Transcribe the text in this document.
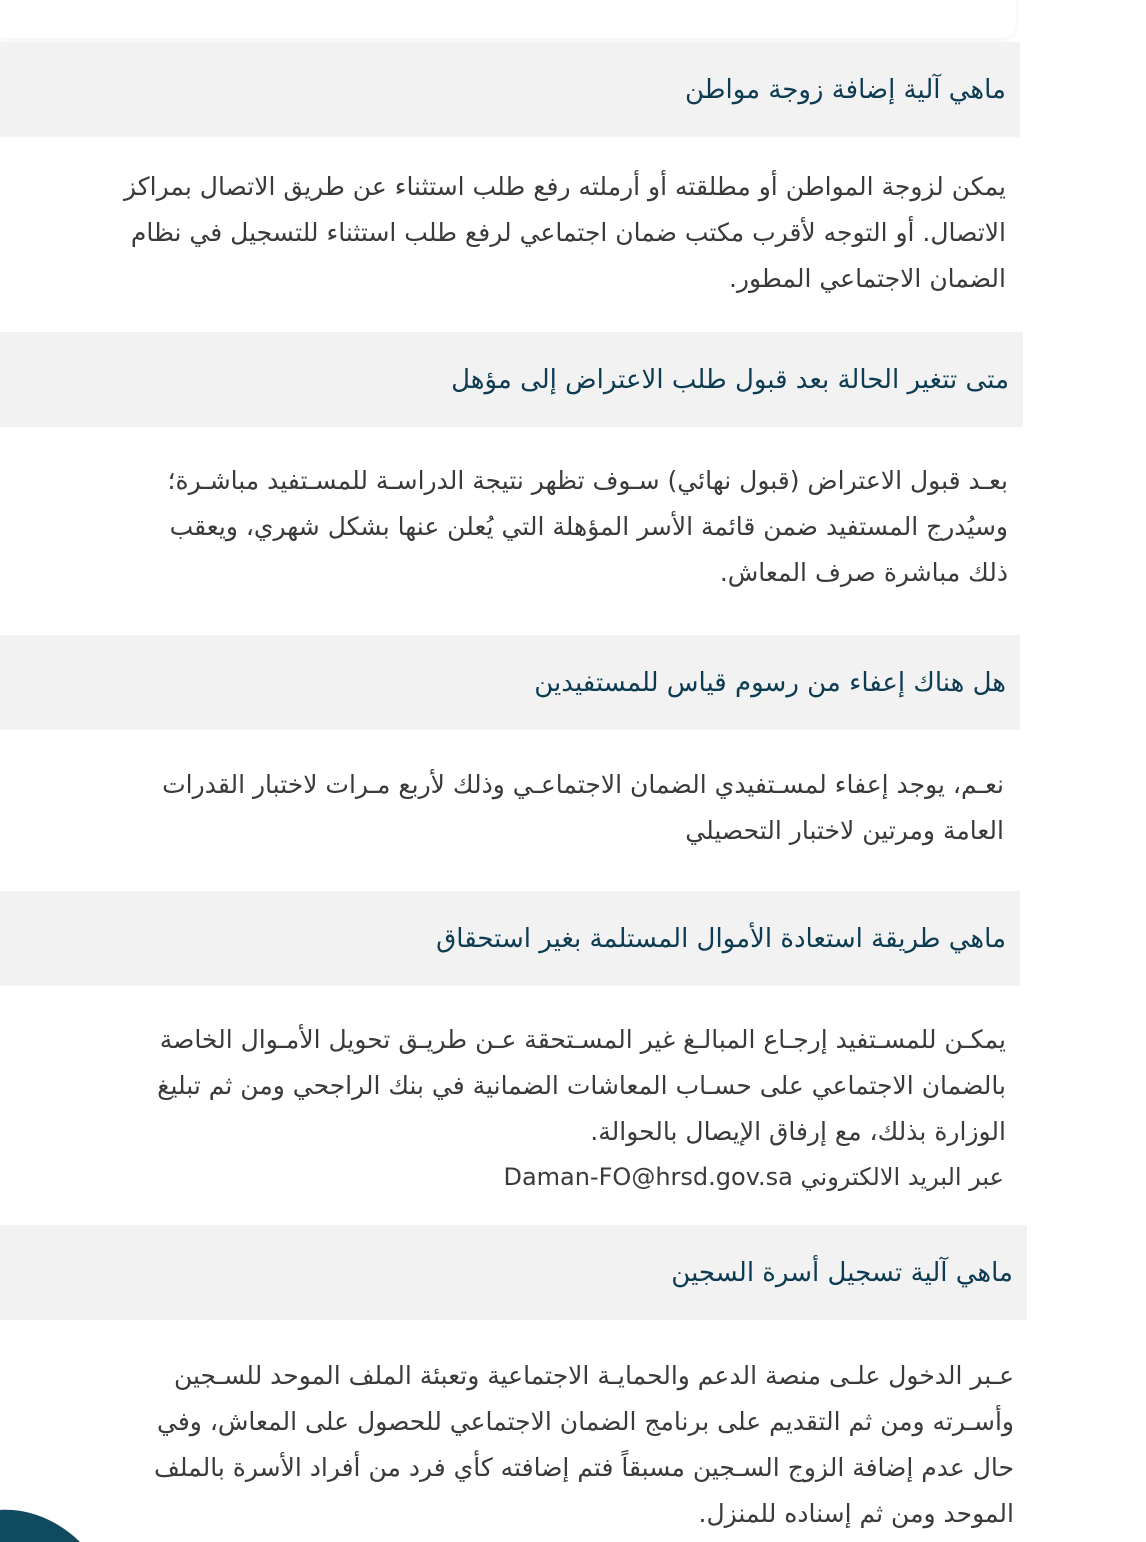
ماهي آلية إضافة زوجة مواطن
يمكن لزوجة المواطن أو مطلقته أو أرملته رفع طلب استثناء عن طريق الاتصال بمراكز
الاتصال. أو التوجه لأقرب مكتب ضمان اجتماعي لرفع طلب استثناء للتسجيل في نظام
الضمان الاجتماعي المطور.
متى تتغير الحالة بعد قبول طلب الاعتراض إلى مؤهل
بعـد قبول الاعتراض (قبول نهائي) سـوف تظهر نتيجة الدراسـة للمسـتفيد مباشـرة؛
وسيُدرج المستفيد ضمن قائمة الأسر المؤهلة التي يُعلن عنها بشكل شهري، ويعقب
ذلك مباشرة صرف المعاش.
هل هناك إعفاء من رسوم قياس للمستفيدين
نعـم، يوجد إعفاء لمسـتفيدي الضمان الاجتماعـي وذلك لأربع مـرات لاختبار القدرات
العامة ومرتين لاختبار التحصيلي
ماهي طريقة استعادة الأموال المستلمة بغير استحقاق
يمكـن للمسـتفيد إرجـاع المبالـغ غير المسـتحقة عـن طريـق تحويل الأمـوال الخاصة
بالضمان الاجتماعي على حسـاب المعاشات الضمانية في بنك الراجحي ومن ثم تبليغ
الوزارة بذلك، مع إرفاق الإيصال بالحوالة.
عبر البريد الالكتروني Daman-FO@hrsd.gov.sa
ماهي آلية تسجيل أسرة السجين
عـبر الدخول علـى منصة الدعم والحمايـة الاجتماعية وتعبئة الملف الموحد للسـجين
وأسـرته ومن ثم التقديم على برنامج الضمان الاجتماعي للحصول على المعاش، وفي
حال عدم إضافة الزوج السـجين مسبقاً فتم إضافته كأي فرد من أفراد الأسرة بالملف
الموحد ومن ثم إسناده للمنزل.
